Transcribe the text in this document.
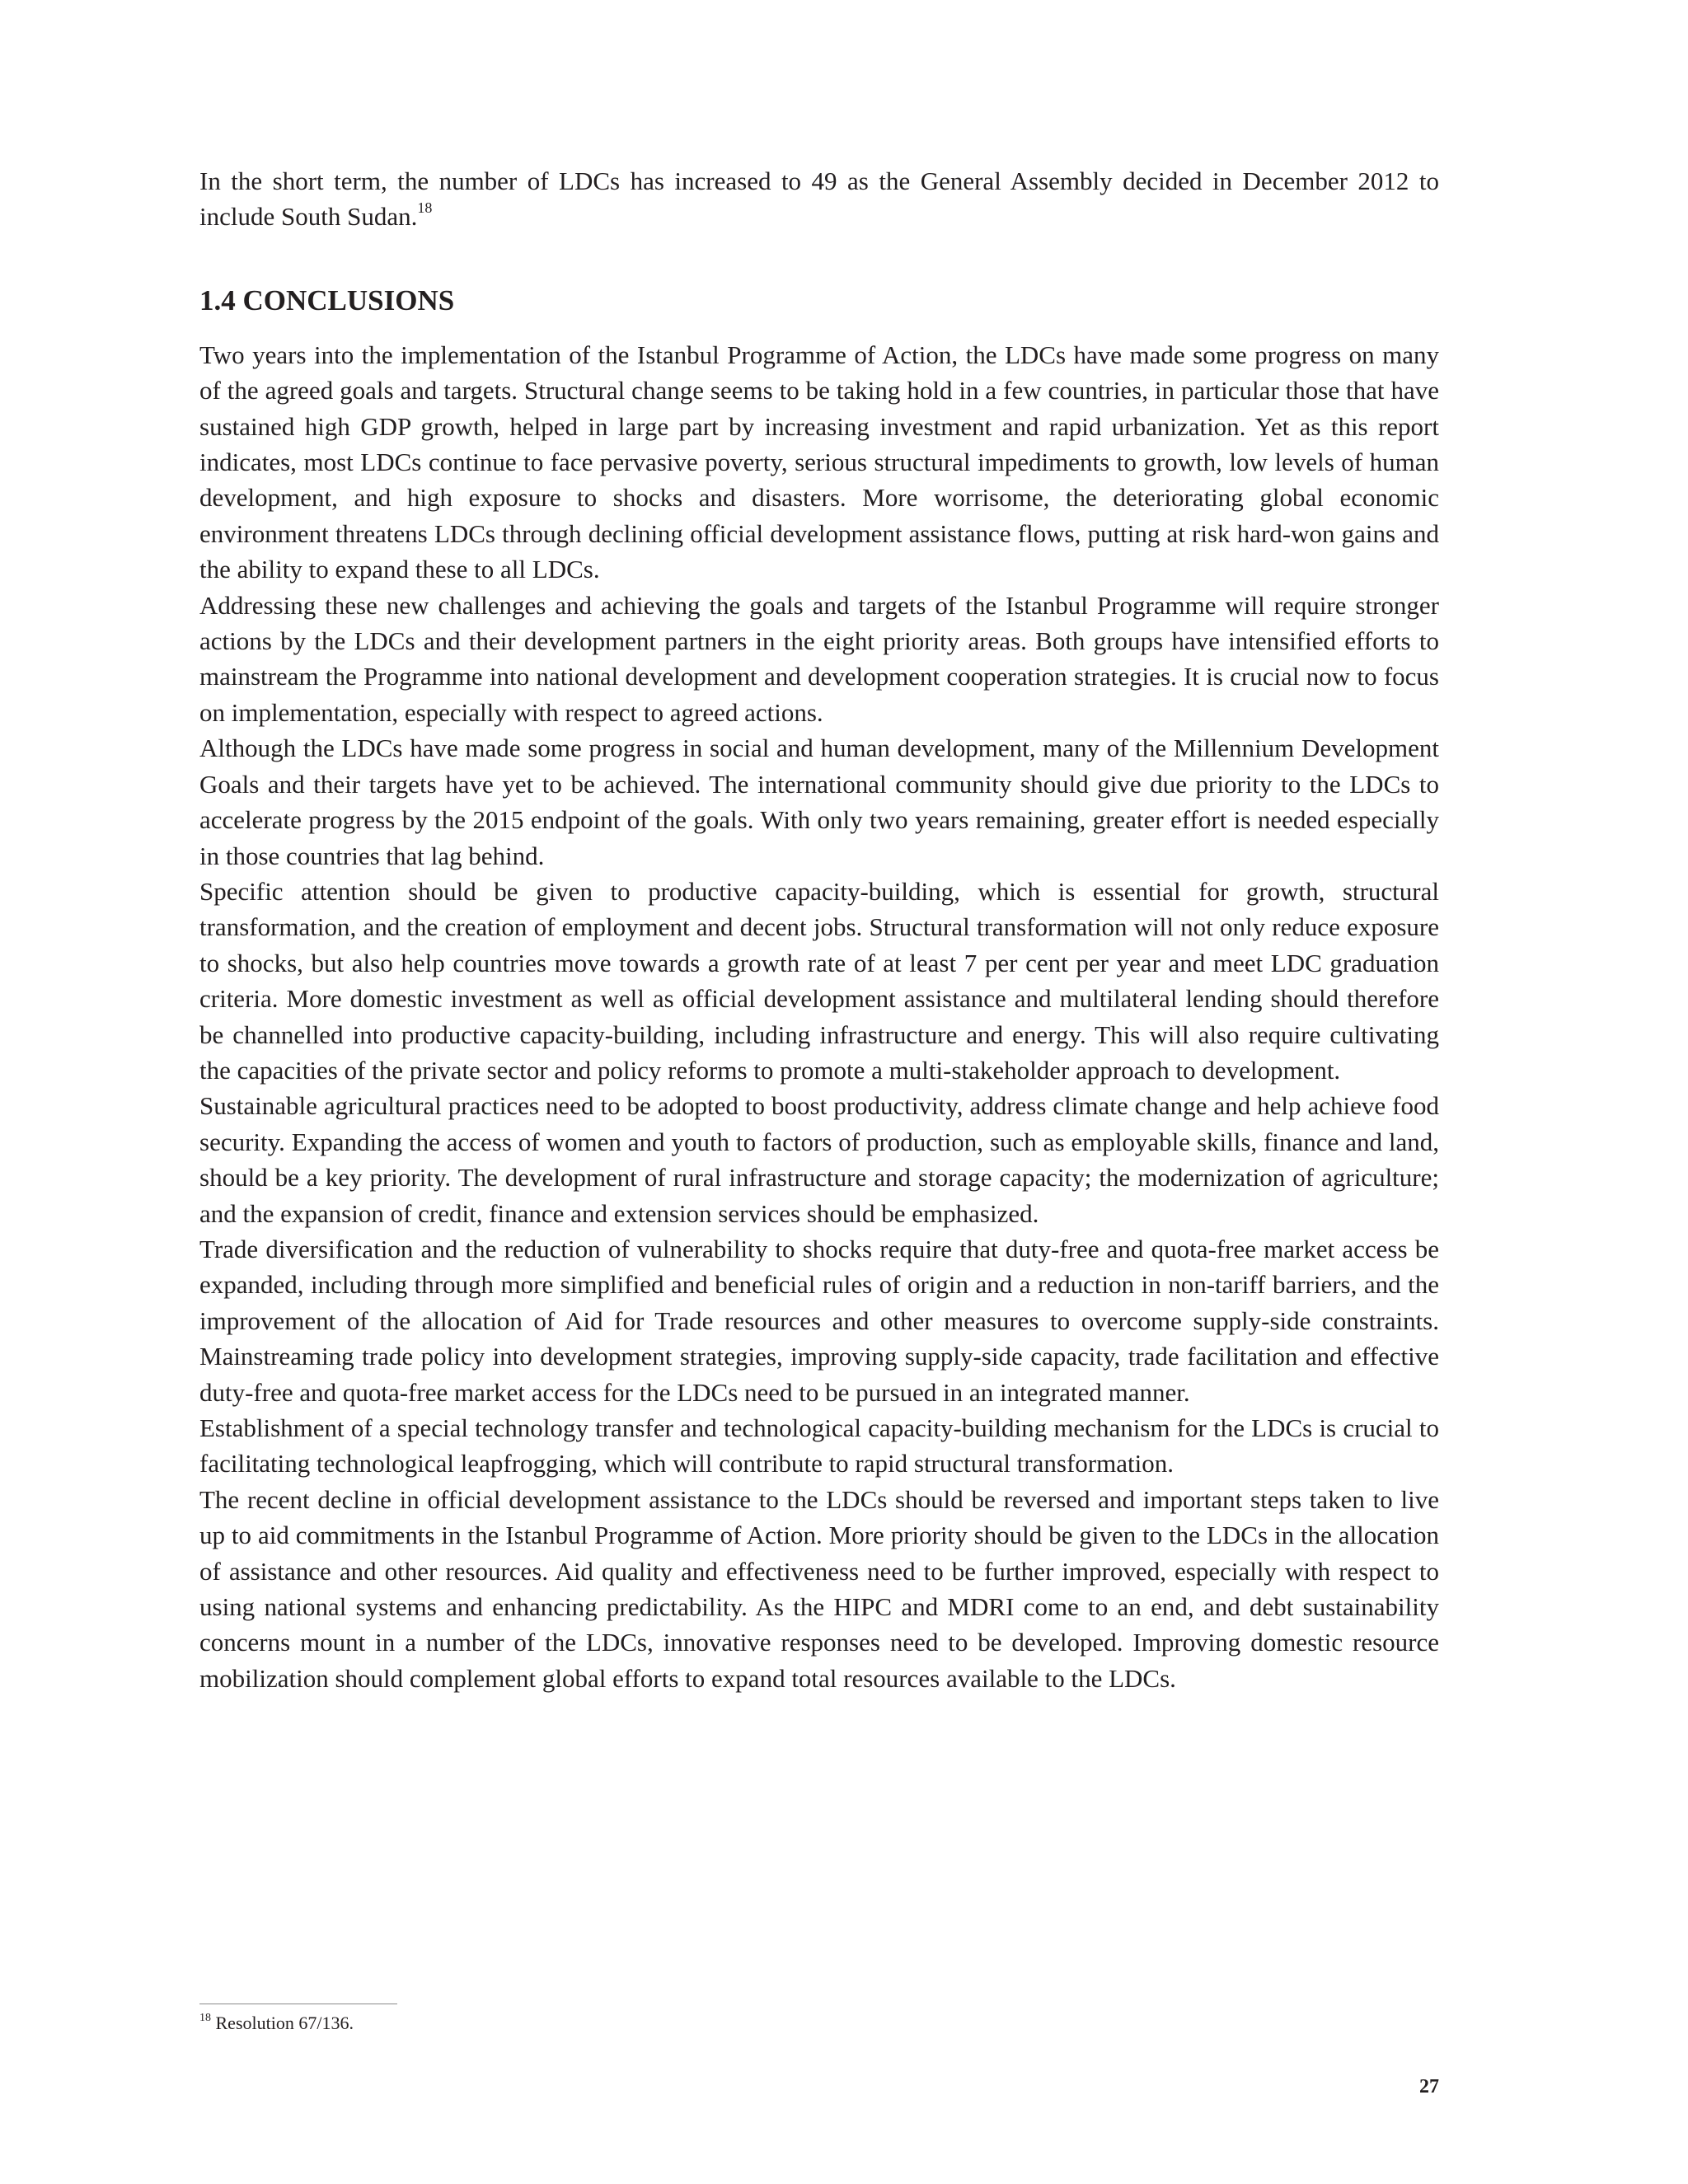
In the short term, the number of LDCs has increased to 49 as the General Assembly decided in December 2012 to include South Sudan.$^{18}$

1.4 CONCLUSIONS

Two years into the implementation of the Istanbul Programme of Action, the LDCs have made some progress on many of the agreed goals and targets. Structural change seems to be taking hold in a few countries, in particular those that have sustained high GDP growth, helped in large part by increasing investment and rapid urbanization. Yet as this report indicates, most LDCs continue to face pervasive poverty, serious structural impediments to growth, low levels of human development, and high exposure to shocks and disasters. More worrisome, the deteriorating global economic environment threatens LDCs through declining official development assistance flows, putting at risk hard-won gains and the ability to expand these to all LDCs.

Addressing these new challenges and achieving the goals and targets of the Istanbul Programme will require stronger actions by the LDCs and their development partners in the eight priority areas. Both groups have intensified efforts to mainstream the Programme into national development and development cooperation strategies. It is crucial now to focus on implementation, especially with respect to agreed actions.

Although the LDCs have made some progress in social and human development, many of the Millennium Development Goals and their targets have yet to be achieved. The international community should give due priority to the LDCs to accelerate progress by the 2015 endpoint of the goals. With only two years remaining, greater effort is needed especially in those countries that lag behind.

Specific attention should be given to productive capacity-building, which is essential for growth, structural transformation, and the creation of employment and decent jobs. Structural transformation will not only reduce exposure to shocks, but also help countries move towards a growth rate of at least 7 per cent per year and meet LDC graduation criteria. More domestic investment as well as official development assistance and multilateral lending should therefore be channelled into productive capacity-building, including infrastructure and energy. This will also require cultivating the capacities of the private sector and policy reforms to promote a multi-stakeholder approach to development.

Sustainable agricultural practices need to be adopted to boost productivity, address climate change and help achieve food security. Expanding the access of women and youth to factors of production, such as employable skills, finance and land, should be a key priority. The development of rural infrastructure and storage capacity; the modernization of agriculture; and the expansion of credit, finance and extension services should be emphasized.

Trade diversification and the reduction of vulnerability to shocks require that duty-free and quota-free market access be expanded, including through more simplified and beneficial rules of origin and a reduction in non-tariff barriers, and the improvement of the allocation of Aid for Trade resources and other measures to overcome supply-side constraints. Mainstreaming trade policy into development strategies, improving supply-side capacity, trade facilitation and effective duty-free and quota-free market access for the LDCs need to be pursued in an integrated manner.

Establishment of a special technology transfer and technological capacity-building mechanism for the LDCs is crucial to facilitating technological leapfrogging, which will contribute to rapid structural transformation.

The recent decline in official development assistance to the LDCs should be reversed and important steps taken to live up to aid commitments in the Istanbul Programme of Action. More priority should be given to the LDCs in the allocation of assistance and other resources. Aid quality and effectiveness need to be further improved, especially with respect to using national systems and enhancing predictability. As the HIPC and MDRI come to an end, and debt sustainability concerns mount in a number of the LDCs, innovative responses need to be developed. Improving domestic resource mobilization should complement global efforts to expand total resources available to the LDCs.

$^{18}$ Resolution 67/136.
27
